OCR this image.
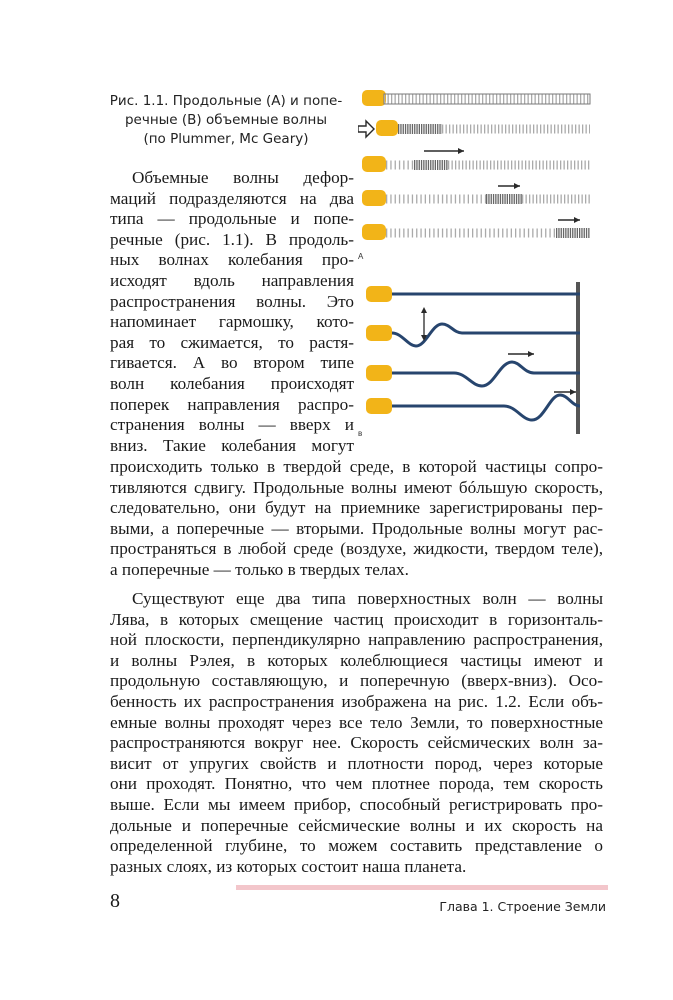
Рис. 1.1. Продольные (А) и попе-
речные (В) объемные волны
(по Plummer, Mc Geary)
A
в
Объемные волны дефор-
маций подразделяются на два
типа — продольные и попе-
речные (рис. 1.1). В продоль-
ных волнах колебания про-
исходят вдоль направления
распространения волны. Это
напоминает гармошку, кото-
рая то сжимается, то растя-
гивается. А во втором типе
волн колебания происходят
поперек направления распро-
странения волны — вверх и
вниз. Такие колебания могут
происходить только в твердой среде, в которой частицы сопро-
тивляются сдвигу. Продольные волны имеют бóльшую скорость,
следовательно, они будут на приемнике зарегистрированы пер-
выми, а поперечные — вторыми. Продольные волны могут рас-
пространяться в любой среде (воздухе, жидкости, твердом теле),
а поперечные — только в твердых телах.
Существуют еще два типа поверхностных волн — волны
Лява, в которых смещение частиц происходит в горизонталь-
ной плоскости, перпендикулярно направлению распространения,
и волны Рэлея, в которых колеблющиеся частицы имеют и
продольную составляющую, и поперечную (вверх-вниз). Осо-
бенность их распространения изображена на рис. 1.2. Если объ-
емные волны проходят через все тело Земли, то поверхностные
распространяются вокруг нее. Скорость сейсмических волн за-
висит от упругих свойств и плотности пород, через которые
они проходят. Понятно, что чем плотнее порода, тем скорость
выше. Если мы имеем прибор, способный регистрировать про-
дольные и поперечные сейсмические волны и их скорость на
определенной глубине, то можем составить представление о
разных слоях, из которых состоит наша планета.
8	Глава 1. Строение Земли
